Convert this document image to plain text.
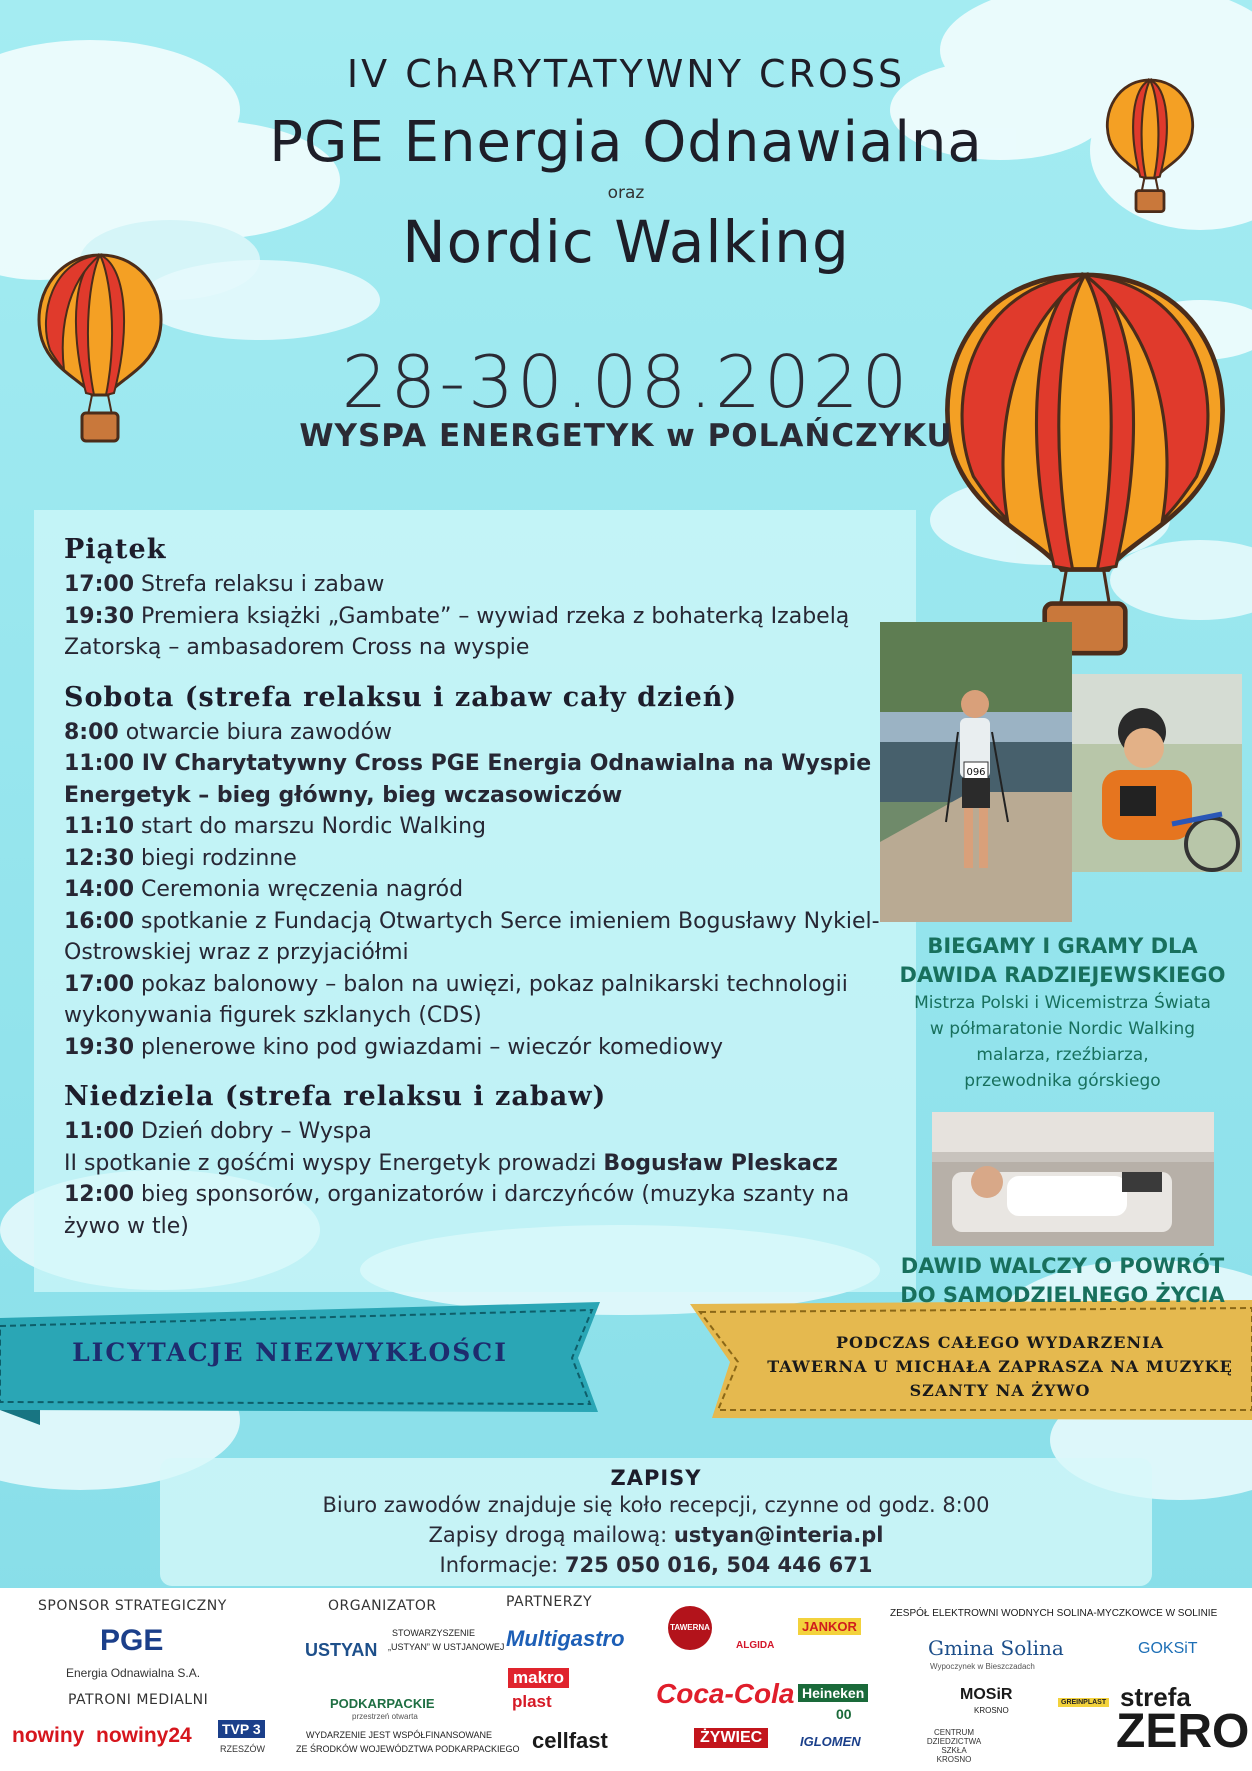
IV ChARYTATYWNY CROSS
PGE Energia Odnawialna
oraz
Nordic Walking
28-30.08.2020
WYSPA ENERGETYK w POLAŃCZYKU
Piątek
17:00 Strefa relaksu i zabaw
19:30 Premiera książki „Gambate” – wywiad rzeka z bohaterką Izabelą Zatorską – ambasadorem Cross na wyspie
Sobota (strefa relaksu i zabaw cały dzień)
8:00 otwarcie biura zawodów
11:00 IV Charytatywny Cross PGE Energia Odnawialna na Wyspie Energetyk – bieg główny, bieg wczasowiczów
11:10 start do marszu Nordic Walking
12:30 biegi rodzinne
14:00 Ceremonia wręczenia nagród
16:00 spotkanie z Fundacją Otwartych Serce imieniem Bogusławy Nykiel-Ostrowskiej wraz z przyjaciółmi
17:00 pokaz balonowy – balon na uwięzi, pokaz palnikarski technologii wykonywania figurek szklanych (CDS)
19:30 plenerowe kino pod gwiazdami – wieczór komediowy
Niedziela (strefa relaksu i zabaw)
11:00 Dzień dobry – Wyspa
II spotkanie z gośćmi wyspy Energetyk prowadzi Bogusław Pleskacz
12:00 bieg sponsorów, organizatorów i darczyńców (muzyka szanty na żywo w tle)
096
BIEGAMY I GRAMY DLA
DAWIDA RADZIEJEWSKIEGO
Mistrza Polski i Wicemistrza Świata
w półmaratonie Nordic Walking
malarza, rzeźbiarza,
przewodnika górskiego
DAWID WALCZY O POWRÓT
DO SAMODZIELNEGO ŻYCIA
LICYTACJE NIEZWYKŁOŚCI	PODCZAS CAŁEGO WYDARZENIA
TAWERNA U MICHAŁA ZAPRASZA NA MUZYKĘ
SZANTY NA ŻYWO
ZAPISY
Biuro zawodów znajduje się koło recepcji, czynne od godz. 8:00
Zapisy drogą mailową: ustyan@interia.pl
Informacje: 725 050 016, 504 446 671
SPONSOR STRATEGICZNY
PGE
Energia Odnawialna S.A.
PATRONI MEDIALNI
nowiny nowiny24 TVP 3
RZESZÓW
ORGANIZATOR
USTYAN
STOWARZYSZENIE
„USTYAN” W USTJANOWEJ
PODKARPACKIE
przestrzeń otwarta
WYDARZENIE JEST WSPÓŁFINANSOWANE
ZE ŚRODKÓW WOJEWÓDZTWA PODKARPACKIEGO
PARTNERZY
Multigastro
makro
plast
cellfast
TAWERNA
Coca-Cola
ŻYWIEC
ALGIDA
JANKOR
Heineken
00
IGLOMEN
ZESPÓŁ ELEKTROWNI WODNYCH SOLINA-MYCZKOWCE W SOLINIE
Gmina Solina
Wypoczynek w Bieszczadach
GOKSiT
MOSiR
KROSNO
GREINPLAST
CENTRUM
DZIEDZICTWA
SZKŁA KROSNO
strefa
ZERO
